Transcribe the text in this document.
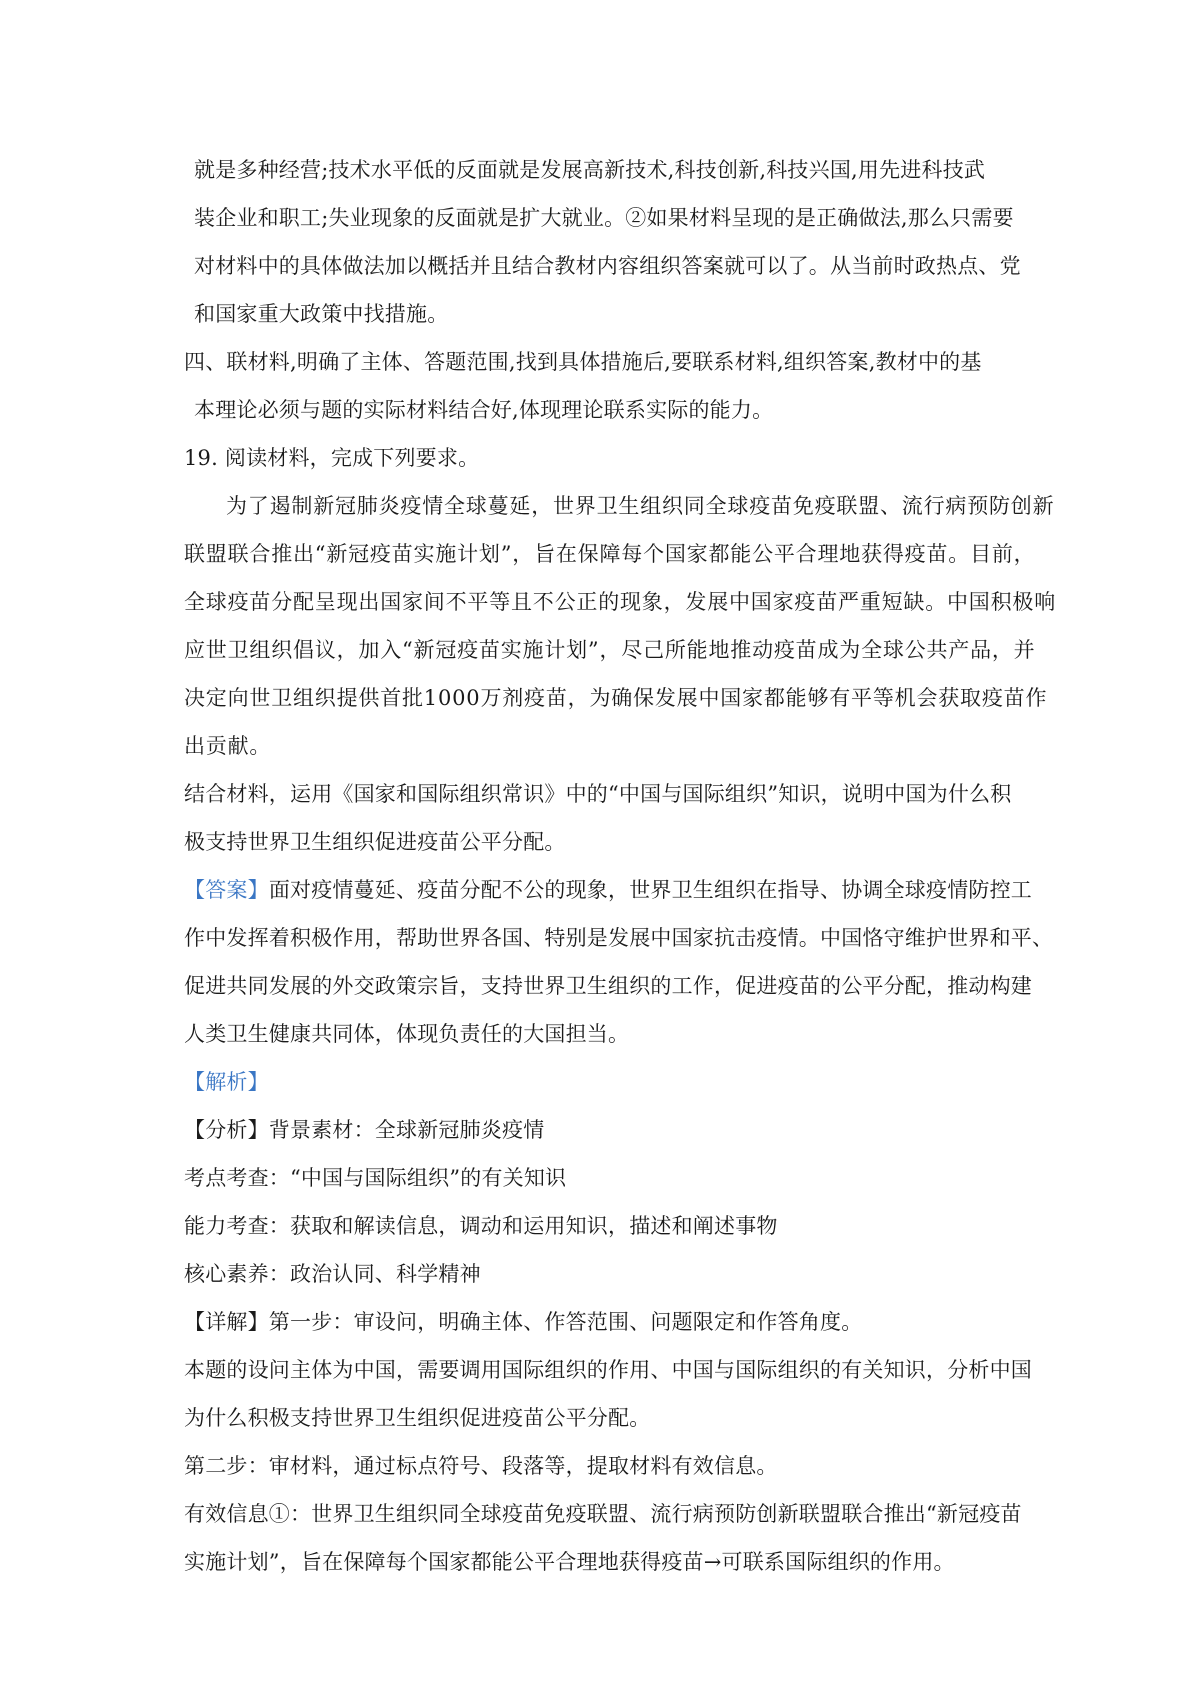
就是多种经营;技术水平低的反面就是发展高新技术,科技创新,科技兴国,用先进科技武
装企业和职工;失业现象的反面就是扩大就业。②如果材料呈现的是正确做法,那么只需要
对材料中的具体做法加以概括并且结合教材内容组织答案就可以了。从当前时政热点、党
和国家重大政策中找措施。
四、联材料,明确了主体、答题范围,找到具体措施后,要联系材料,组织答案,教材中的基
本理论必须与题的实际材料结合好,体现理论联系实际的能力。
19. 阅读材料，完成下列要求。
为了遏制新冠肺炎疫情全球蔓延，世界卫生组织同全球疫苗免疫联盟、流行病预防创新
联盟联合推出“新冠疫苗实施计划”，旨在保障每个国家都能公平合理地获得疫苗。目前，
全球疫苗分配呈现出国家间不平等且不公正的现象，发展中国家疫苗严重短缺。中国积极响
应世卫组织倡议，加入“新冠疫苗实施计划”，尽己所能地推动疫苗成为全球公共产品，并
决定向世卫组织提供首批1000万剂疫苗，为确保发展中国家都能够有平等机会获取疫苗作
出贡献。
结合材料，运用《国家和国际组织常识》中的“中国与国际组织”知识，说明中国为什么积
极支持世界卫生组织促进疫苗公平分配。
【答案】面对疫情蔓延、疫苗分配不公的现象，世界卫生组织在指导、协调全球疫情防控工
作中发挥着积极作用，帮助世界各国、特别是发展中国家抗击疫情。中国恪守维护世界和平、
促进共同发展的外交政策宗旨，支持世界卫生组织的工作，促进疫苗的公平分配，推动构建
人类卫生健康共同体，体现负责任的大国担当。
【解析】
【分析】背景素材：全球新冠肺炎疫情
考点考查：“中国与国际组织”的有关知识
能力考查：获取和解读信息，调动和运用知识，描述和阐述事物
核心素养：政治认同、科学精神
【详解】第一步：审设问，明确主体、作答范围、问题限定和作答角度。
本题的设问主体为中国，需要调用国际组织的作用、中国与国际组织的有关知识，分析中国
为什么积极支持世界卫生组织促进疫苗公平分配。
第二步：审材料，通过标点符号、段落等，提取材料有效信息。
有效信息①：世界卫生组织同全球疫苗免疫联盟、流行病预防创新联盟联合推出“新冠疫苗
实施计划”，旨在保障每个国家都能公平合理地获得疫苗→可联系国际组织的作用。
